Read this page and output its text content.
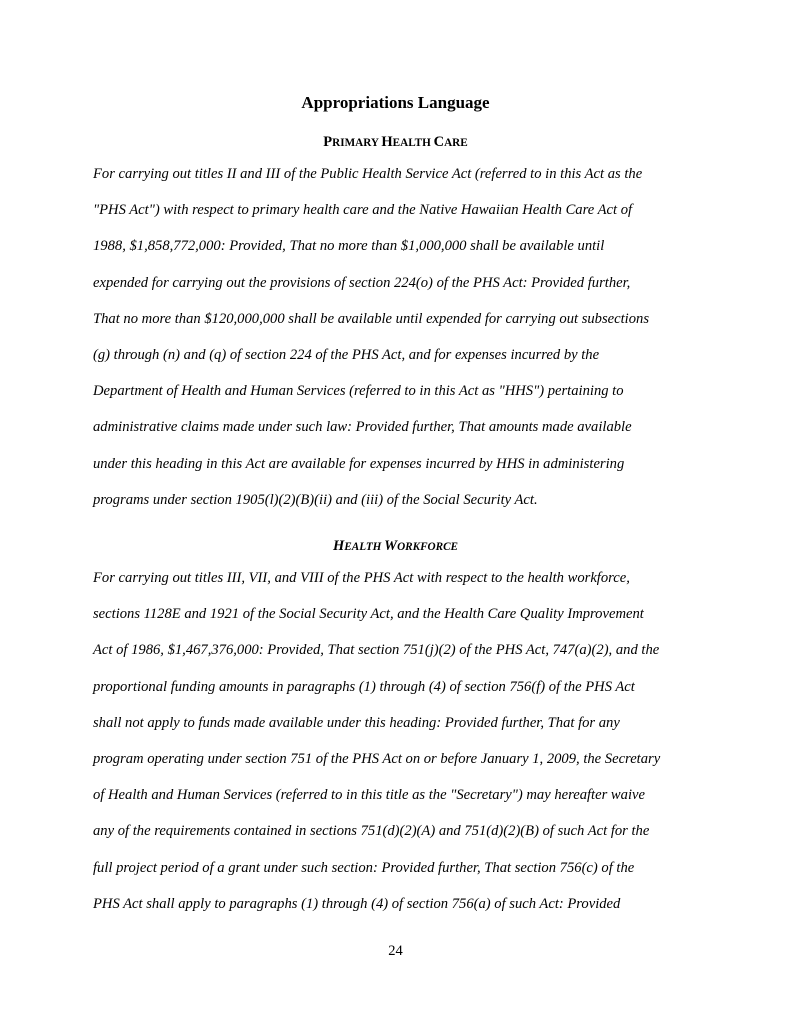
Appropriations Language
PRIMARY HEALTH CARE
For carrying out titles II and III of the Public Health Service Act (referred to in this Act as the
"PHS Act") with respect to primary health care and the Native Hawaiian Health Care Act of
1988, $1,858,772,000: Provided, That no more than $1,000,000 shall be available until
expended for carrying out the provisions of section 224(o) of the PHS Act: Provided further,
That no more than $120,000,000 shall be available until expended for carrying out subsections
(g) through (n) and (q) of section 224 of the PHS Act, and for expenses incurred by the
Department of Health and Human Services (referred to in this Act as "HHS") pertaining to
administrative claims made under such law: Provided further, That amounts made available
under this heading in this Act are available for expenses incurred by HHS in administering
programs under section 1905(l)(2)(B)(ii) and (iii) of the Social Security Act.
HEALTH WORKFORCE
For carrying out titles III, VII, and VIII of the PHS Act with respect to the health workforce,
sections 1128E and 1921 of the Social Security Act, and the Health Care Quality Improvement
Act of 1986, $1,467,376,000: Provided, That section 751(j)(2) of the PHS Act, 747(a)(2), and the
proportional funding amounts in paragraphs (1) through (4) of section 756(f) of the PHS Act
shall not apply to funds made available under this heading: Provided further, That for any
program operating under section 751 of the PHS Act on or before January 1, 2009, the Secretary
of Health and Human Services (referred to in this title as the "Secretary") may hereafter waive
any of the requirements contained in sections 751(d)(2)(A) and 751(d)(2)(B) of such Act for the
full project period of a grant under such section: Provided further, That section 756(c) of the
PHS Act shall apply to paragraphs (1) through (4) of section 756(a) of such Act: Provided
24
